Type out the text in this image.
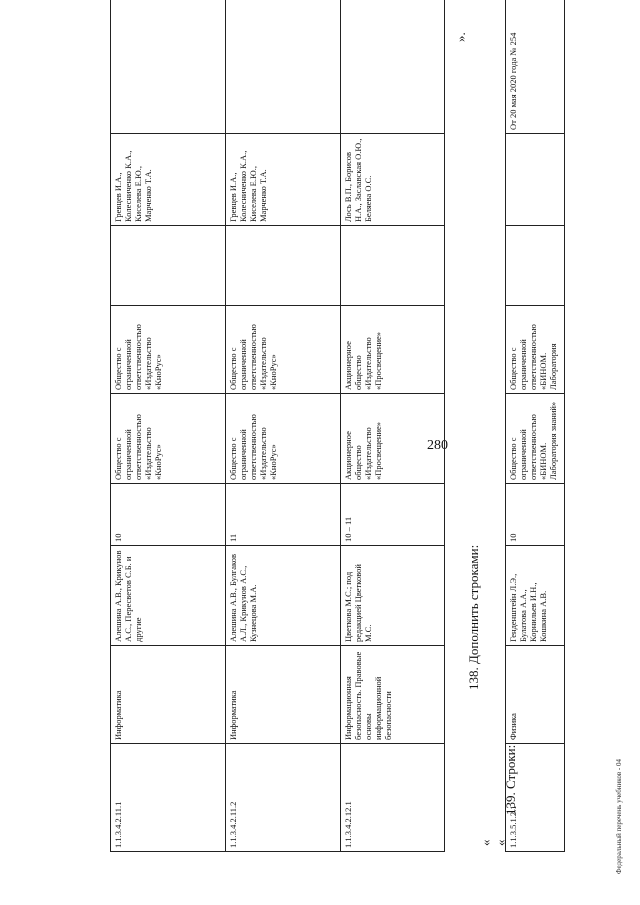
280
138. Дополнить строками:
«
».
1.1.3.4.2.11.1	Информатика	Алешина А.В., Крикунов А.С., Пересветов С.Б. и другие	10	Общество с ограниченной ответственностью «Издательство «КноРус»	Общество с ограниченной ответственностью «Издательство «КноРус»		Гревцев И.А., Колесниченко К.А., Киселева Е.Ю., Марченко Т.А.		
1.1.3.4.2.11.2	Информатика	Алешина А.В., Булгаков А.Л., Крикунов А.С., Кузнецова М.А.	11	Общество с ограниченной ответственностью «Издательство «КноРус»	Общество с ограниченной ответственностью «Издательство «КноРус»		Гревцев И.А., Колесниченко К.А., Киселева Е.Ю., Марченко Т.А.		
1.1.3.4.2.12.1	Информационная безопасность. Правовые основы информационной безопасности	Цветкова М.С.; под редакцией Цветковой М.С.	10 – 11	Акционерное общество «Издательство «Просвещение»	Акционерное общество «Издательство «Просвещение»		Лось В.П., Борисов Н.А., Заславская О.Ю., Беляева О.С.		
139. Строки:
« 1.1.3.5.1.2.1	Физика	Генденштейн Л.Э., Булатова А.А., Корнильев И.Н., Кошкина А.В.	10	Общество с ограниченной ответственностью «БИНОМ. Лаборатория знаний»	Общество с ограниченной ответственностью «БИНОМ. Лаборатория			От 20 мая 2020 года № 254	
Федеральный перечень учебников - 04
